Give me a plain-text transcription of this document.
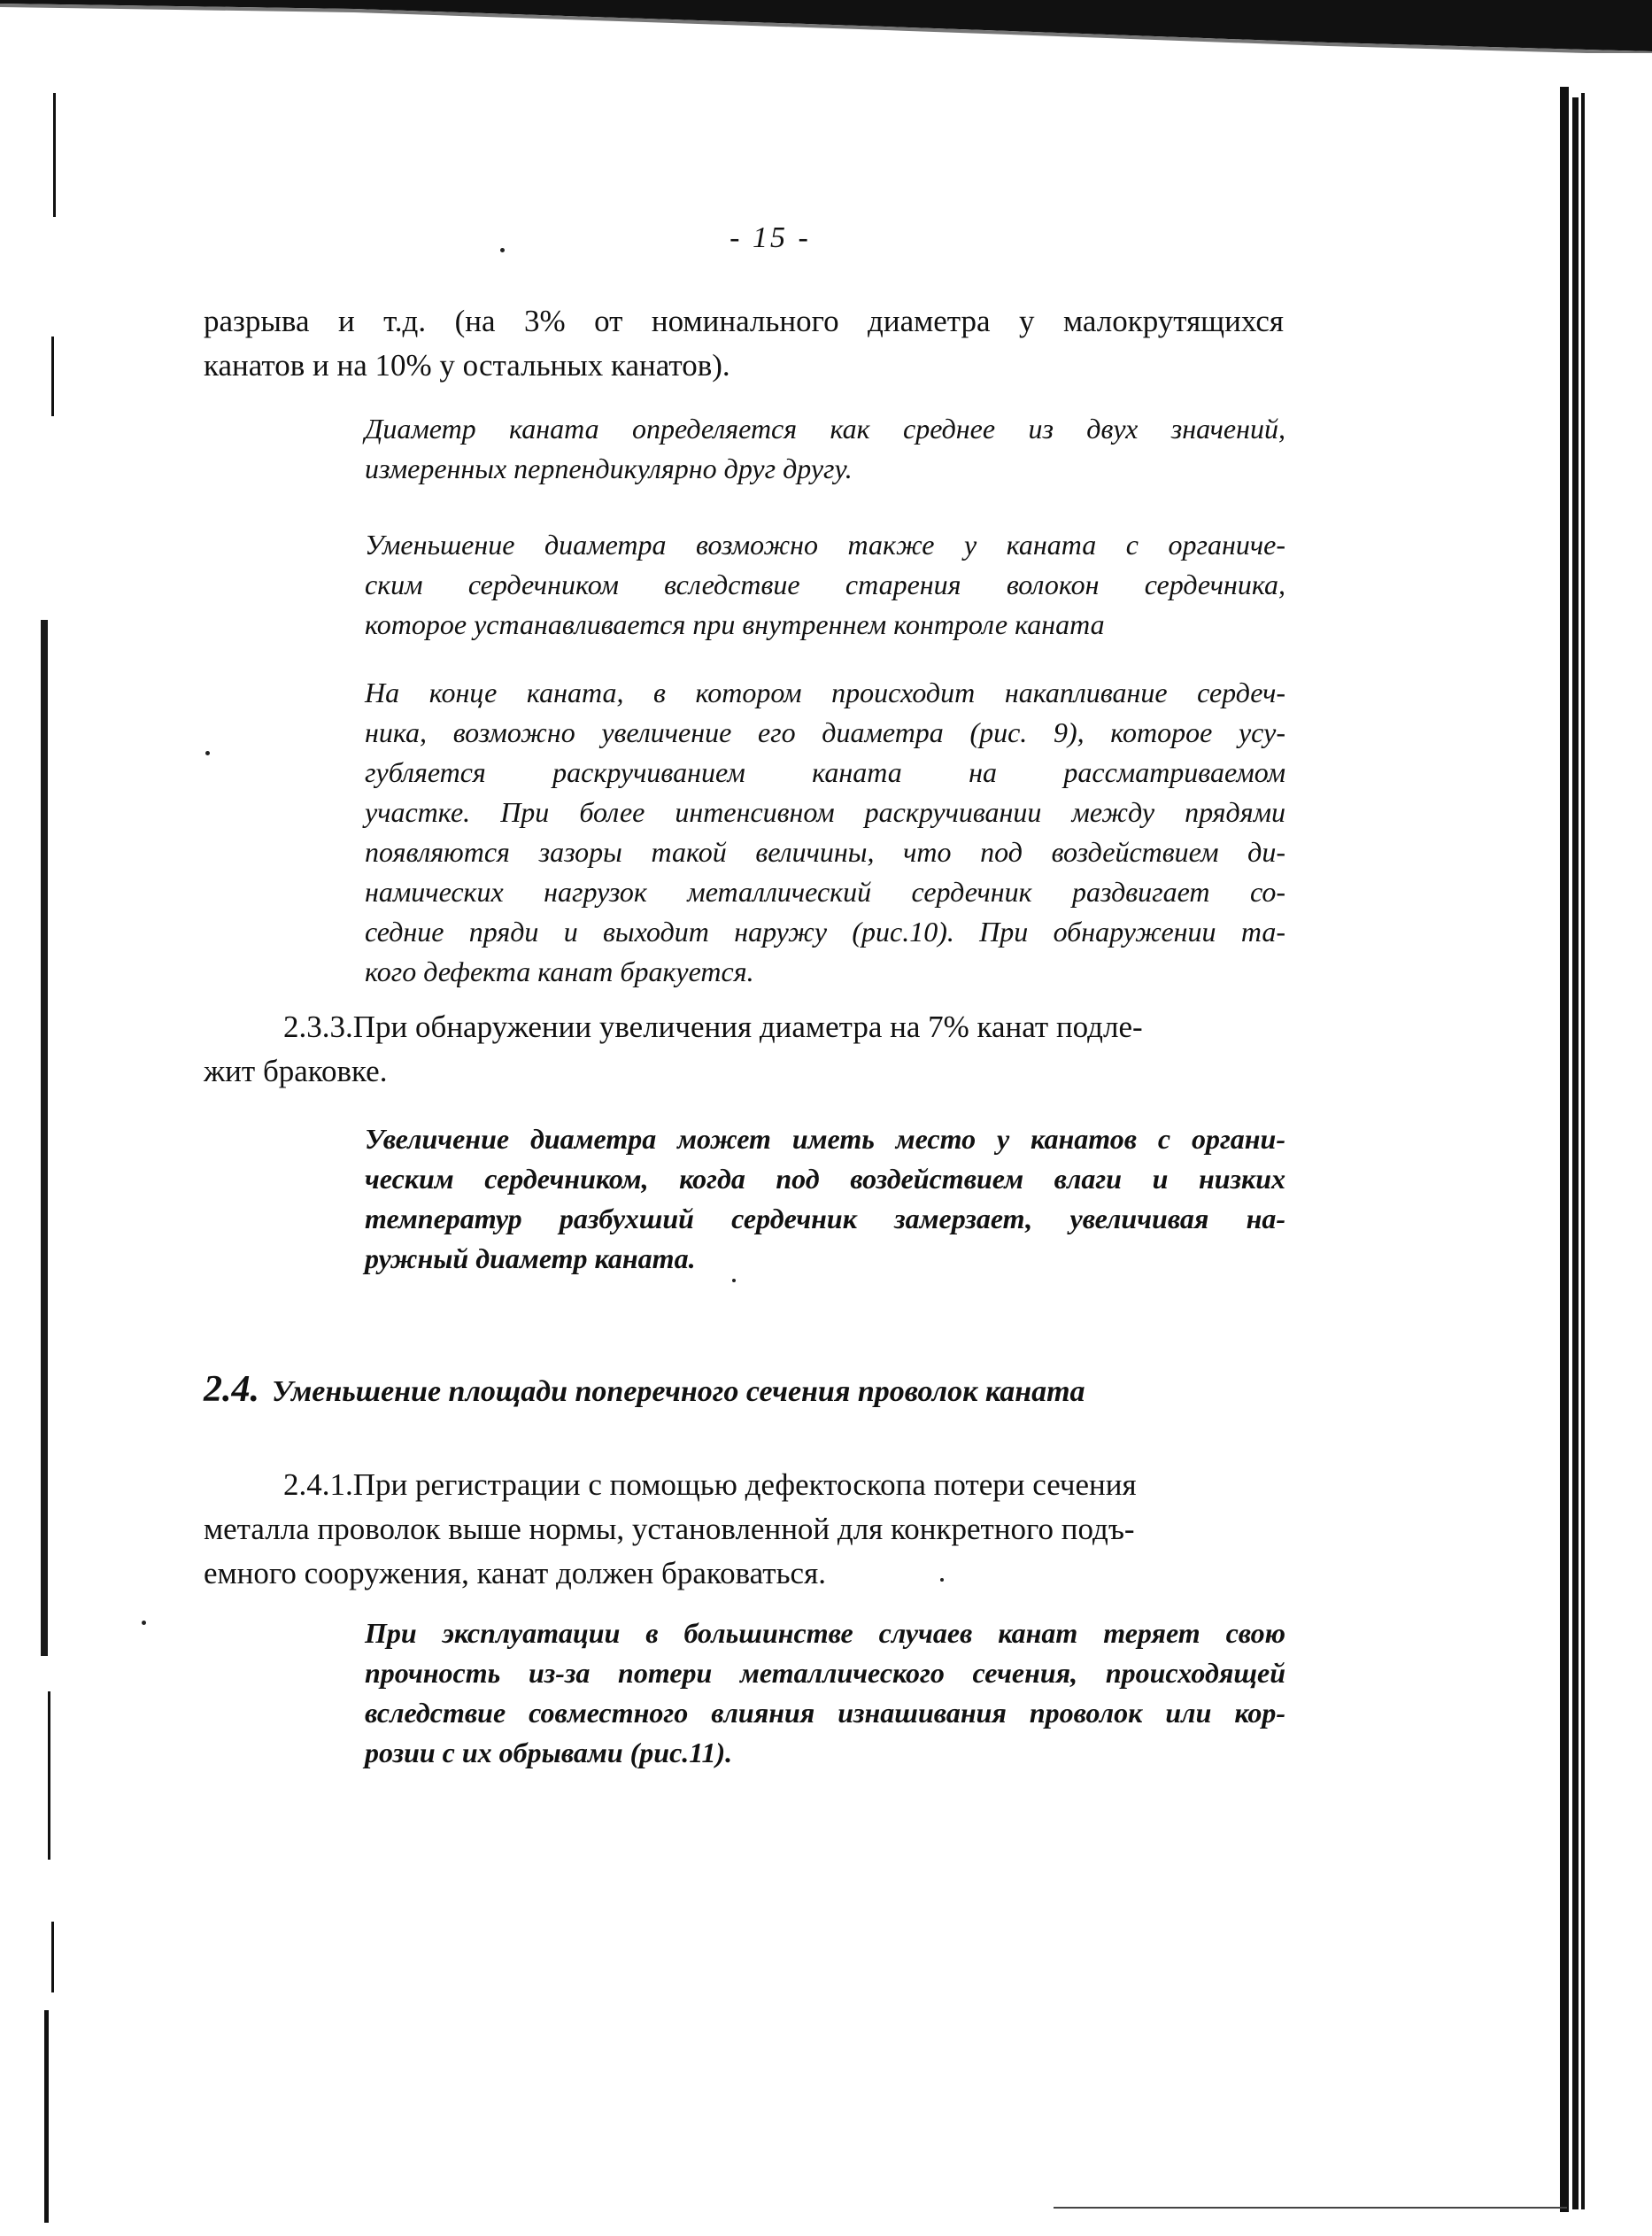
- 15 -
разрыва и т.д. (на 3% от номинального диаметра у малокрутящихся
канатов и на 10% у остальных канатов).
Диаметр каната определяется как среднее из двух значений,
измеренных перпендикулярно друг другу.
Уменьшение диаметра возможно также у каната с органиче-
ским сердечником вследствие старения волокон сердечника,
которое устанавливается при внутреннем контроле каната
На конце каната, в котором происходит накапливание сердеч-
ника, возможно увеличение его диаметра (рис. 9), которое усу-
губляется раскручиванием каната на рассматриваемом
участке. При более интенсивном раскручивании между прядями
появляются зазоры такой величины, что под воздействием ди-
намических нагрузок металлический сердечник раздвигает со-
седние пряди и выходит наружу (рис.10). При обнаружении та-
кого дефекта канат бракуется.
2.3.3.При обнаружении увеличения диаметра на 7% канат подле-
жит браковке.
Увеличение диаметра может иметь место у канатов с органи-
ческим сердечником, когда под воздействием влаги и низких
температур разбухший сердечник замерзает, увеличивая на-
ружный диаметр каната.
2.4. Уменьшение площади поперечного сечения проволок каната
2.4.1.При регистрации с помощью дефектоскопа потери сечения
металла проволок выше нормы, установленной для конкретного подъ-
емного сооружения, канат должен браковаться.
При эксплуатации в большинстве случаев канат теряет свою
прочность из-за потери металлического сечения, происходящей
вследствие совместного влияния изнашивания проволок или кор-
розии с их обрывами (рис.11).
